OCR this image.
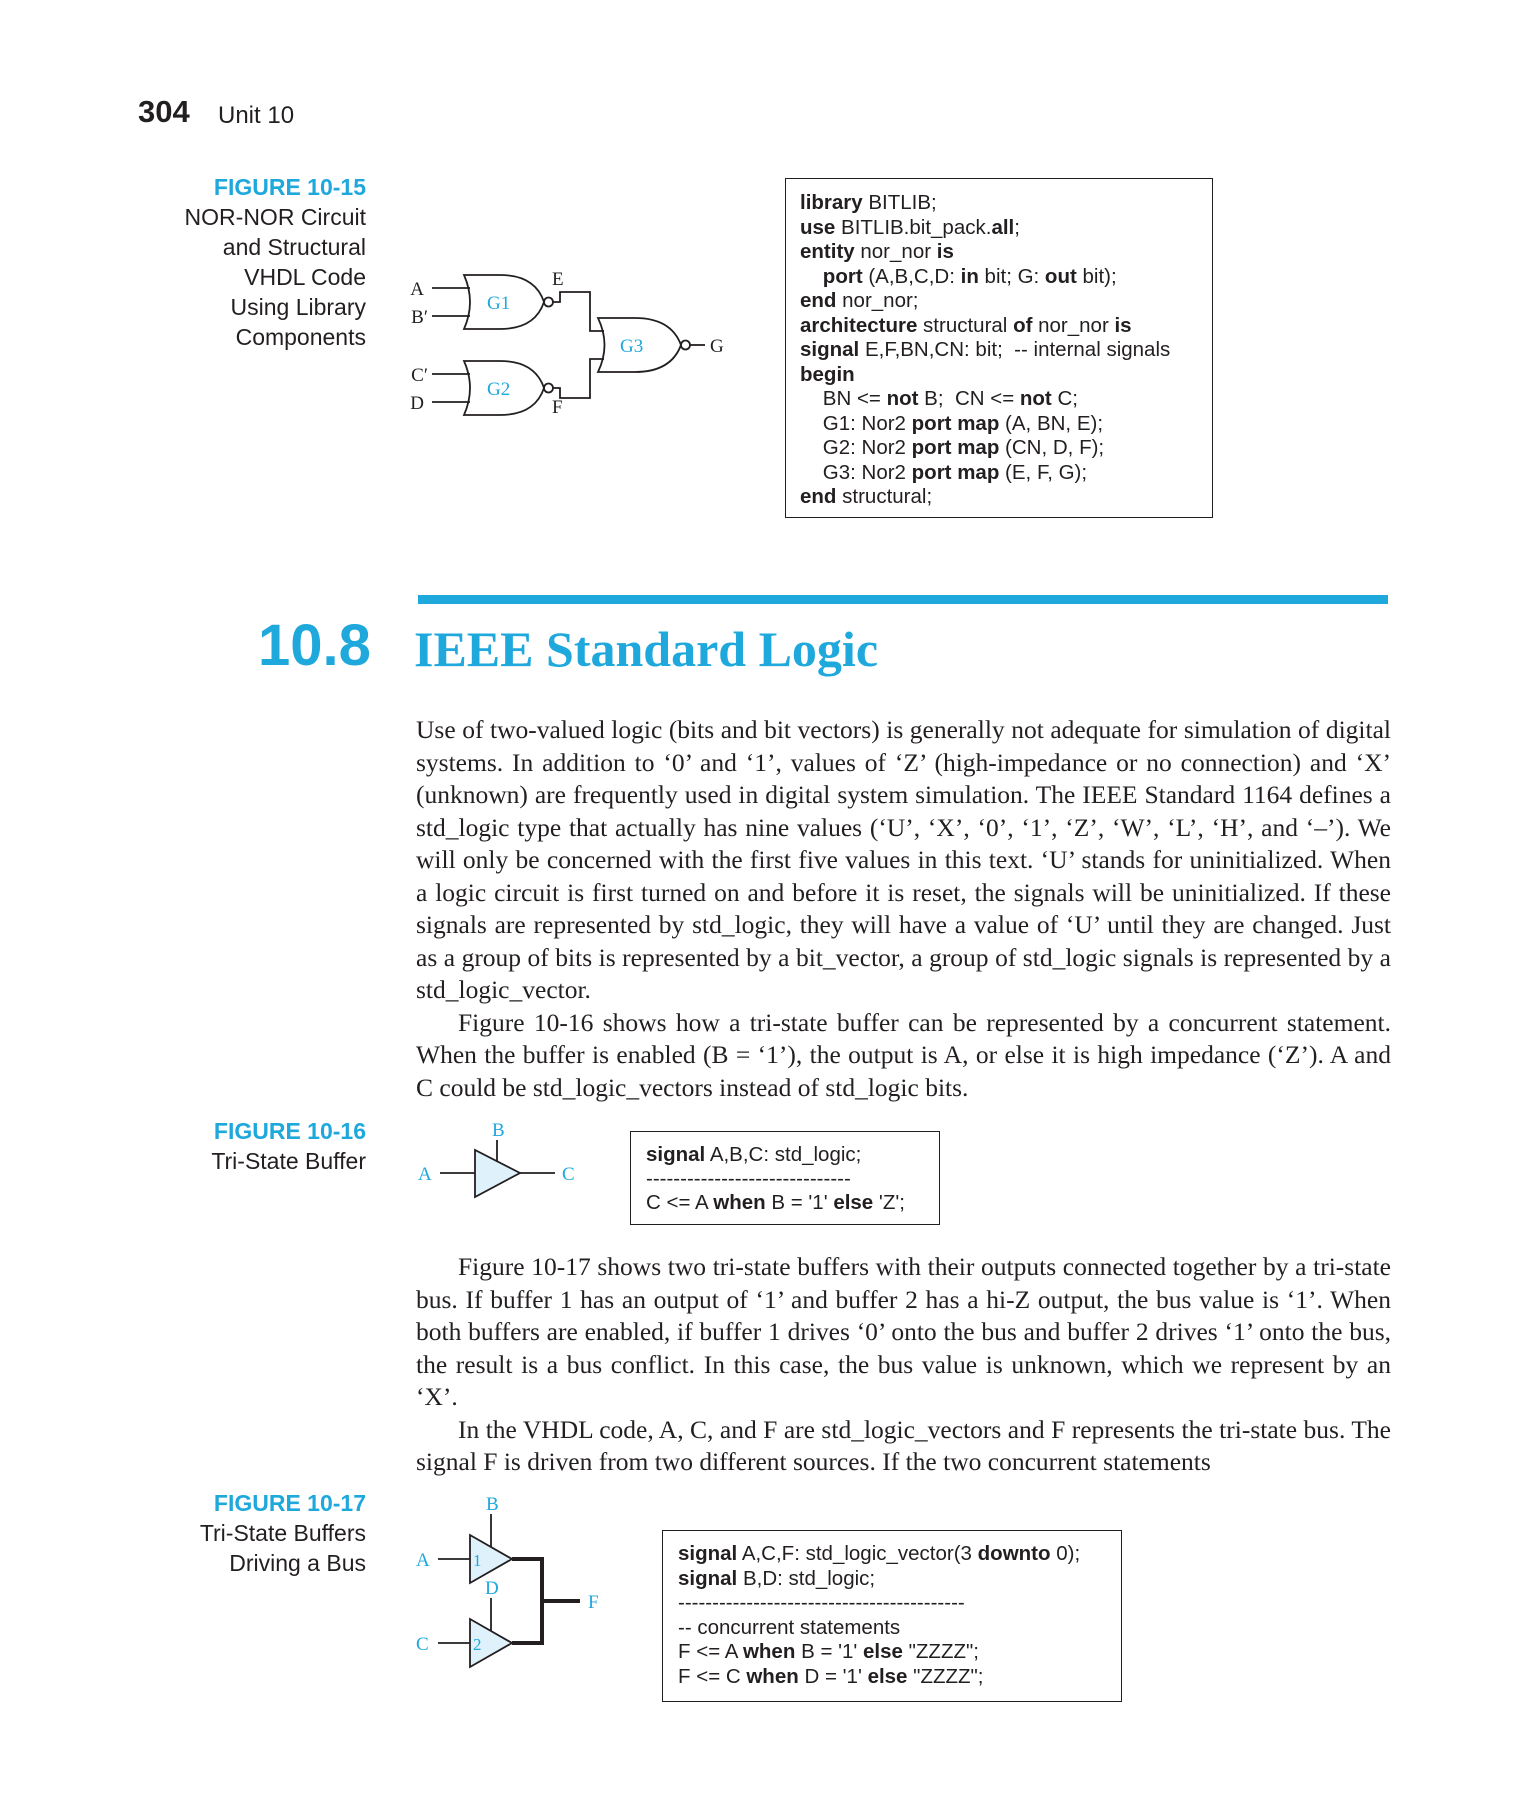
304 Unit 10
FIGURE 10-15
NOR-NOR Circuit
and Structural
VHDL Code
Using Library
Components
G1
G2
G3
A
B′
C′
D
E
F
G
library BITLIB;
use BITLIB.bit_pack.all;
entity nor_nor is
port (A,B,C,D: in bit; G: out bit);
end nor_nor;
architecture structural of nor_nor is
signal E,F,BN,CN: bit;  -- internal signals
begin
BN <= not B;  CN <= not C;
G1: Nor2 port map (A, BN, E);
G2: Nor2 port map (CN, D, F);
G3: Nor2 port map (E, F, G);
end structural;
10.8 IEEE Standard Logic

Use of two-valued logic (bits and bit vectors) is generally not adequate for simulation of digital systems. In addition to ‘0’ and ‘1’, values of ‘Z’ (high-impedance or no connection) and ‘X’ (unknown) are frequently used in digital system simulation. The IEEE Standard 1164 defines a std_logic type that actually has nine values (‘U’, ‘X’, ‘0’, ‘1’, ‘Z’, ‘W’, ‘L’, ‘H’, and ‘–’). We will only be concerned with the first five values in this text. ‘U’ stands for uninitialized. When a logic circuit is first turned on and before it is reset, the signals will be uninitialized. If these signals are represented by std_logic, they will have a value of ‘U’ until they are changed. Just as a group of bits is represented by a bit_vector, a group of std_logic signals is represented by a std_logic_vector.

Figure 10-16 shows how a tri-state buffer can be represented by a concurrent statement. When the buffer is enabled (B = ‘1’), the output is A, or else it is high impedance (‘Z’). A and C could be std_logic_vectors instead of std_logic bits.

FIGURE 10-16
Tri-State Buffer
B
A	C
signal A,B,C: std_logic;
------------------------------
C <= A when B = '1' else 'Z';

Figure 10-17 shows two tri-state buffers with their outputs connected together by a tri-state bus. If buffer 1 has an output of ‘1’ and buffer 2 has a hi-Z output, the bus value is ‘1’. When both buffers are enabled, if buffer 1 drives ‘0’ onto the bus and buffer 2 drives ‘1’ onto the bus, the result is a bus conflict. In this case, the bus value is unknown, which we represent by an ‘X’.

In the VHDL code, A, C, and F are std_logic_vectors and F represents the tri-state bus. The signal F is driven from two different sources. If the two concurrent statements

FIGURE 10-17
Tri-State Buffers
Driving a Bus
B
A	1
D
C	2
F
signal A,C,F: std_logic_vector(3 downto 0);
signal B,D: std_logic;
------------------------------------------
-- concurrent statements
F <= A when B = '1' else "ZZZZ";
F <= C when D = '1' else "ZZZZ";
